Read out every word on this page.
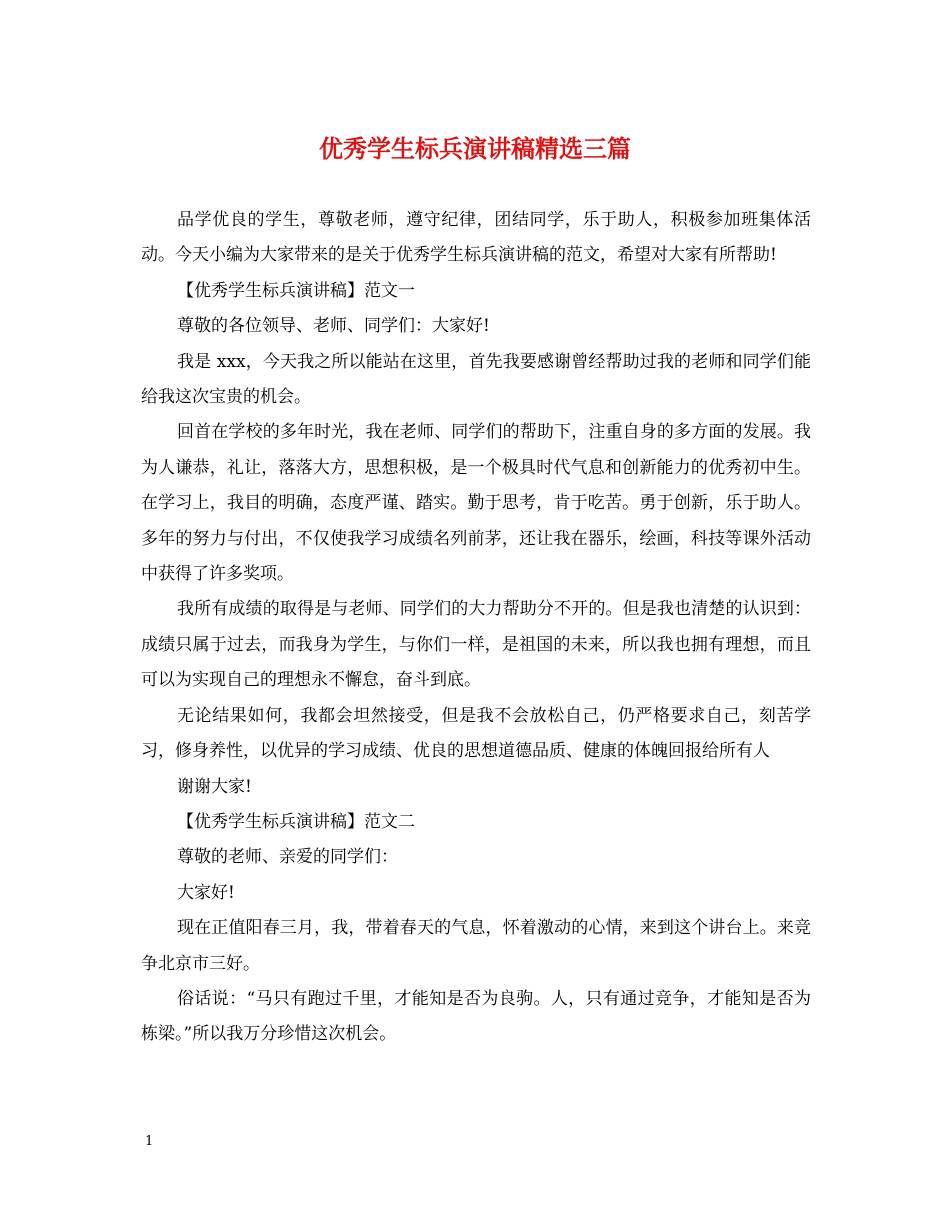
优秀学生标兵演讲稿精选三篇

品学优良的学生，尊敬老师，遵守纪律，团结同学，乐于助人，积极参加班集体活动。今天小编为大家带来的是关于优秀学生标兵演讲稿的范文，希望对大家有所帮助!

【优秀学生标兵演讲稿】范文一

尊敬的各位领导、老师、同学们：大家好!

我是 xxx，今天我之所以能站在这里，首先我要感谢曾经帮助过我的老师和同学们能给我这次宝贵的机会。

回首在学校的多年时光，我在老师、同学们的帮助下，注重自身的多方面的发展。我为人谦恭，礼让，落落大方，思想积极，是一个极具时代气息和创新能力的优秀初中生。在学习上，我目的明确，态度严谨、踏实。勤于思考，肯于吃苦。勇于创新，乐于助人。多年的努力与付出，不仅使我学习成绩名列前茅，还让我在器乐，绘画，科技等课外活动中获得了许多奖项。

我所有成绩的取得是与老师、同学们的大力帮助分不开的。但是我也清楚的认识到：成绩只属于过去，而我身为学生，与你们一样，是祖国的未来，所以我也拥有理想，而且可以为实现自己的理想永不懈怠，奋斗到底。

无论结果如何，我都会坦然接受，但是我不会放松自己，仍严格要求自己，刻苦学习，修身养性，以优异的学习成绩、优良的思想道德品质、健康的体魄回报给所有人

谢谢大家!

【优秀学生标兵演讲稿】范文二

尊敬的老师、亲爱的同学们：

大家好!

现在正值阳春三月，我，带着春天的气息，怀着激动的心情，来到这个讲台上。来竞争北京市三好。

俗话说：“马只有跑过千里，才能知是否为良驹。人，只有通过竞争，才能知是否为栋梁。”所以我万分珍惜这次机会。

1
